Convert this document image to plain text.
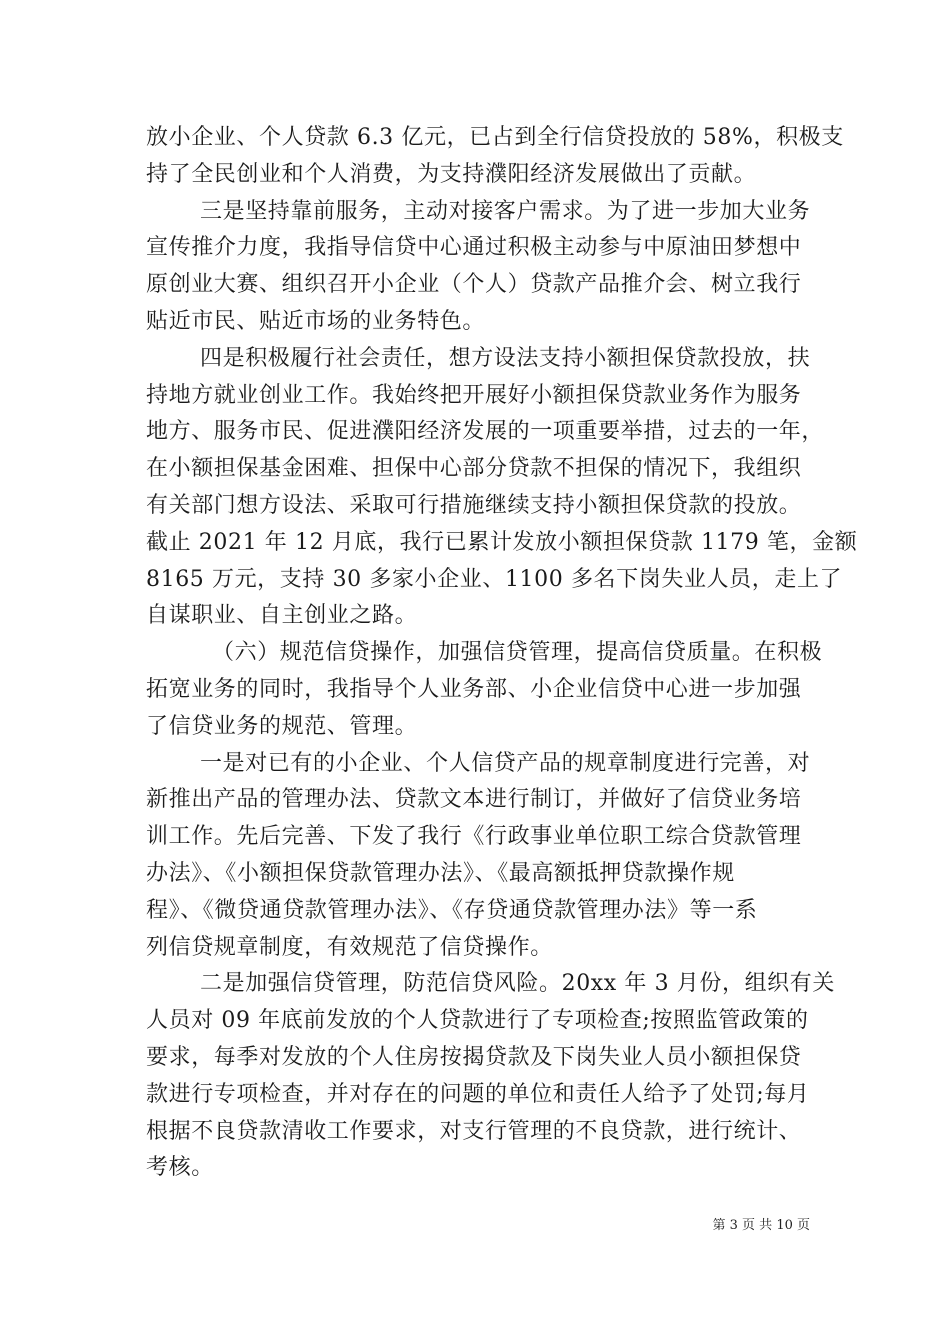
放小企业、个人贷款 6.3 亿元，已占到全行信贷投放的 58%，积极支
持了全民创业和个人消费，为支持濮阳经济发展做出了贡献。
三是坚持靠前服务，主动对接客户需求。为了进一步加大业务
宣传推介力度，我指导信贷中心通过积极主动参与中原油田梦想中
原创业大赛、组织召开小企业（个人）贷款产品推介会、树立我行
贴近市民、贴近市场的业务特色。
四是积极履行社会责任，想方设法支持小额担保贷款投放，扶
持地方就业创业工作。我始终把开展好小额担保贷款业务作为服务
地方、服务市民、促进濮阳经济发展的一项重要举措，过去的一年，
在小额担保基金困难、担保中心部分贷款不担保的情况下，我组织
有关部门想方设法、采取可行措施继续支持小额担保贷款的投放。
截止 2021 年 12 月底，我行已累计发放小额担保贷款 1179 笔，金额
8165 万元，支持 30 多家小企业、1100 多名下岗失业人员，走上了
自谋职业、自主创业之路。
（六）规范信贷操作，加强信贷管理，提高信贷质量。在积极
拓宽业务的同时，我指导个人业务部、小企业信贷中心进一步加强
了信贷业务的规范、管理。
一是对已有的小企业、个人信贷产品的规章制度进行完善，对
新推出产品的管理办法、贷款文本进行制订，并做好了信贷业务培
训工作。先后完善、下发了我行《行政事业单位职工综合贷款管理
办法》、《小额担保贷款管理办法》、《最高额抵押贷款操作规
程》、《微贷通贷款管理办法》、《存贷通贷款管理办法》等一系
列信贷规章制度，有效规范了信贷操作。
二是加强信贷管理，防范信贷风险。20xx 年 3 月份，组织有关
人员对 09 年底前发放的个人贷款进行了专项检查;按照监管政策的
要求，每季对发放的个人住房按揭贷款及下岗失业人员小额担保贷
款进行专项检查，并对存在的问题的单位和责任人给予了处罚;每月
根据不良贷款清收工作要求，对支行管理的不良贷款，进行统计、
考核。
第 3 页 共 10 页
